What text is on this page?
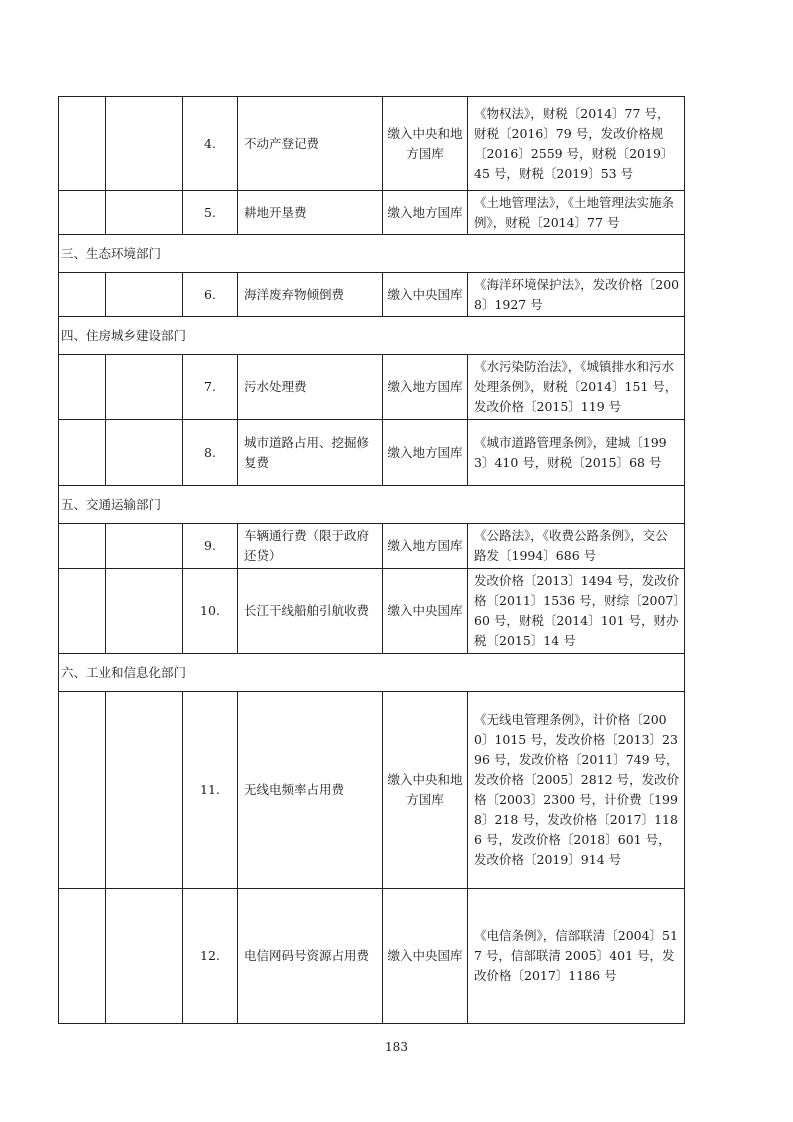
		4.	不动产登记费	缴入中央和地方国库	《物权法》，财税〔2014〕77 号，财税〔2016〕79 号，发改价格规〔2016〕2559 号，财税〔2019〕45 号，财税〔2019〕53 号
		5.	耕地开垦费	缴入地方国库	《土地管理法》，《土地管理法实施条例》，财税〔2014〕77 号
三、生态环境部门					
		6.	海洋废弃物倾倒费	缴入中央国库	《海洋环境保护法》，发改价格〔2008〕1927 号
四、住房城乡建设部门					
		7.	污水处理费	缴入地方国库	《水污染防治法》，《城镇排水和污水处理条例》，财税〔2014〕151 号，发改价格〔2015〕119 号
		8.	城市道路占用、挖掘修复费	缴入地方国库	《城市道路管理条例》，建城〔1993〕410 号，财税〔2015〕68 号
五、交通运输部门					
		9.	车辆通行费（限于政府还贷）	缴入地方国库	《公路法》，《收费公路条例》，交公路发〔1994〕686 号
		10.	长江干线船舶引航收费	缴入中央国库	发改价格〔2013〕1494 号，发改价格〔2011〕1536 号，财综〔2007〕60 号，财税〔2014〕101 号，财办税〔2015〕14 号
六、工业和信息化部门					
		11.	无线电频率占用费	缴入中央和地方国库	《无线电管理条例》，计价格〔2000〕1015 号，发改价格〔2013〕2396 号，发改价格〔2011〕749 号，发改价格〔2005〕2812 号，发改价格〔2003〕2300 号，计价费〔1998〕218 号，发改价格〔2017〕1186 号，发改价格〔2018〕601 号，发改价格〔2019〕914 号
		12.	电信网码号资源占用费	缴入中央国库	《电信条例》，信部联清〔2004〕517 号，信部联清 2005〕401 号，发改价格〔2017〕1186 号
183
